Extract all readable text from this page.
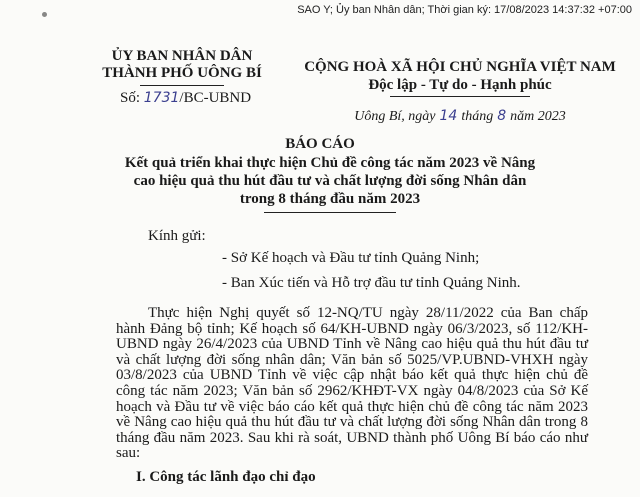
SAO Y; Ủy ban Nhân dân; Thời gian ký: 17/08/2023 14:37:32 +07:00
ỦY BAN NHÂN DÂN
THÀNH PHỐ UÔNG BÍ
Số: 1731/BC-UBND
CỘNG HOÀ XÃ HỘI CHỦ NGHĨA VIỆT NAM
Độc lập - Tự do - Hạnh phúc
Uông Bí, ngày 14 tháng 8 năm 2023
BÁO CÁO
Kết quả triển khai thực hiện Chủ đề công tác năm 2023 về Nâng cao hiệu quả thu hút đầu tư và chất lượng đời sống Nhân dân trong 8 tháng đầu năm 2023
Kính gửi:
- Sở Kế hoạch và Đầu tư tỉnh Quảng Ninh;
- Ban Xúc tiến và Hỗ trợ đầu tư tỉnh Quảng Ninh.
Thực hiện Nghị quyết số 12-NQ/TU ngày 28/11/2022 của Ban chấp hành Đảng bộ tỉnh; Kế hoạch số 64/KH-UBND ngày 06/3/2023, số 112/KH-UBND ngày 26/4/2023 của UBND Tỉnh về Nâng cao hiệu quả thu hút đầu tư và chất lượng đời sống nhân dân; Văn bản số 5025/VP.UBND-VHXH ngày 03/8/2023 của UBND Tỉnh về việc cập nhật báo kết quả thực hiện chủ đề công tác năm 2023; Văn bản số 2962/KHĐT-VX ngày 04/8/2023 của Sở Kế hoạch và Đầu tư về việc báo cáo kết quả thực hiện chủ đề công tác năm 2023 về Nâng cao hiệu quả thu hút đầu tư và chất lượng đời sống Nhân dân trong 8 tháng đầu năm 2023. Sau khi rà soát, UBND thành phố Uông Bí báo cáo như sau:
I. Công tác lãnh đạo chỉ đạo
